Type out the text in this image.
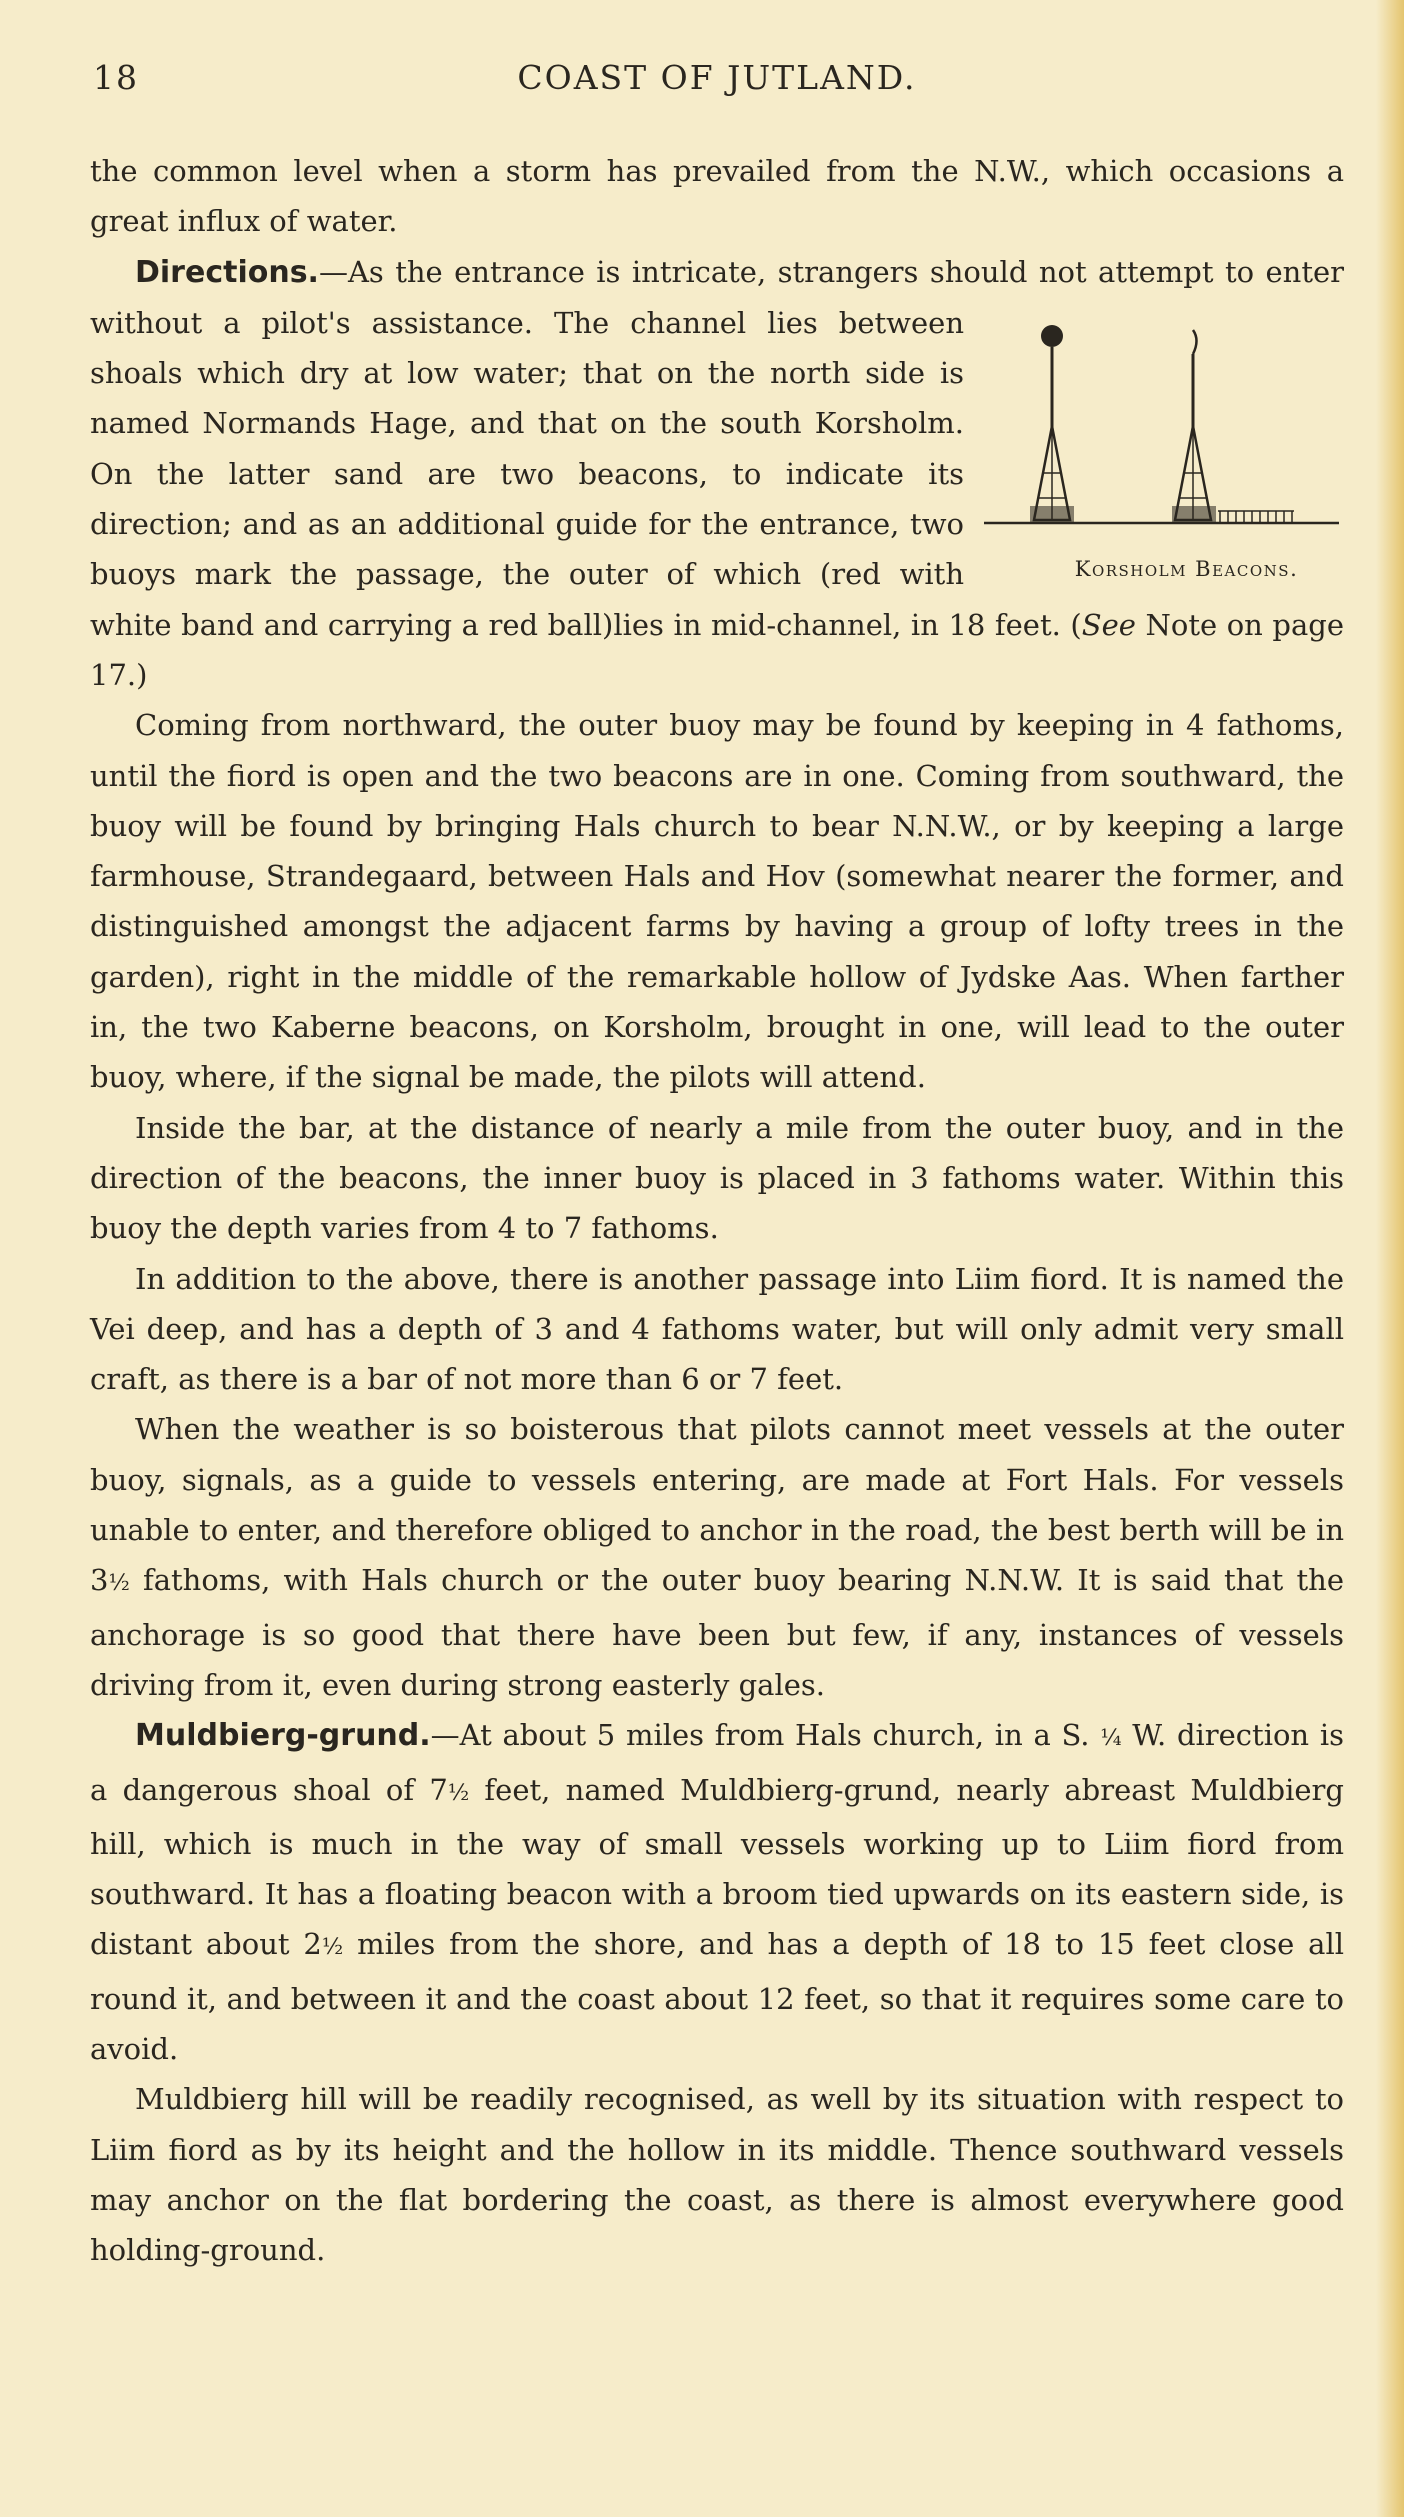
18	COAST OF JUTLAND.

the common level when a storm has prevailed from the N.W., which occasions a great influx of water.

Directions.—As the entrance is intricate, strangers should not attempt
Korsholm Beacons.
to enter without a pilot's assistance. The channel lies between shoals which dry at low water; that on the north side is named Normands Hage, and that on the south Korsholm. On the latter sand are two beacons, to indicate its direction; and as an additional guide for the entrance, two buoys mark the passage, the outer of which (red with white band and carrying a red ball)lies in mid-channel, in 18 feet. (See Note on page 17.)

Coming from northward, the outer buoy may be found by keeping in 4 fathoms, until the fiord is open and the two beacons are in one. Coming from southward, the buoy will be found by bringing Hals church to bear N.N.W., or by keeping a large farmhouse, Strandegaard, between Hals and Hov (somewhat nearer the former, and distinguished amongst the adjacent farms by having a group of lofty trees in the garden), right in the middle of the remarkable hollow of Jydske Aas. When farther in, the two Kaberne beacons, on Korsholm, brought in one, will lead to the outer buoy, where, if the signal be made, the pilots will attend.

Inside the bar, at the distance of nearly a mile from the outer buoy, and in the direction of the beacons, the inner buoy is placed in 3 fathoms water. Within this buoy the depth varies from 4 to 7 fathoms.

In addition to the above, there is another passage into Liim fiord. It is named the Vei deep, and has a depth of 3 and 4 fathoms water, but will only admit very small craft, as there is a bar of not more than 6 or 7 feet.

When the weather is so boisterous that pilots cannot meet vessels at the outer buoy, signals, as a guide to vessels entering, are made at Fort Hals. For vessels unable to enter, and therefore obliged to anchor in the road, the best berth will be in 3½ fathoms, with Hals church or the outer buoy bearing N.N.W. It is said that the anchorage is so good that there have been but few, if any, instances of vessels driving from it, even during strong easterly gales.

Muldbierg-grund.—At about 5 miles from Hals church, in a S. ¼ W. direction is a dangerous shoal of 7½ feet, named Muldbierg-grund, nearly abreast Muldbierg hill, which is much in the way of small vessels working up to Liim fiord from southward. It has a floating beacon with a broom tied upwards on its eastern side, is distant about 2½ miles from the shore, and has a depth of 18 to 15 feet close all round it, and between it and the coast about 12 feet, so that it requires some care to avoid.

Muldbierg hill will be readily recognised, as well by its situation with respect to Liim fiord as by its height and the hollow in its middle. Thence southward vessels may anchor on the flat bordering the coast, as there is almost everywhere good holding-ground.
